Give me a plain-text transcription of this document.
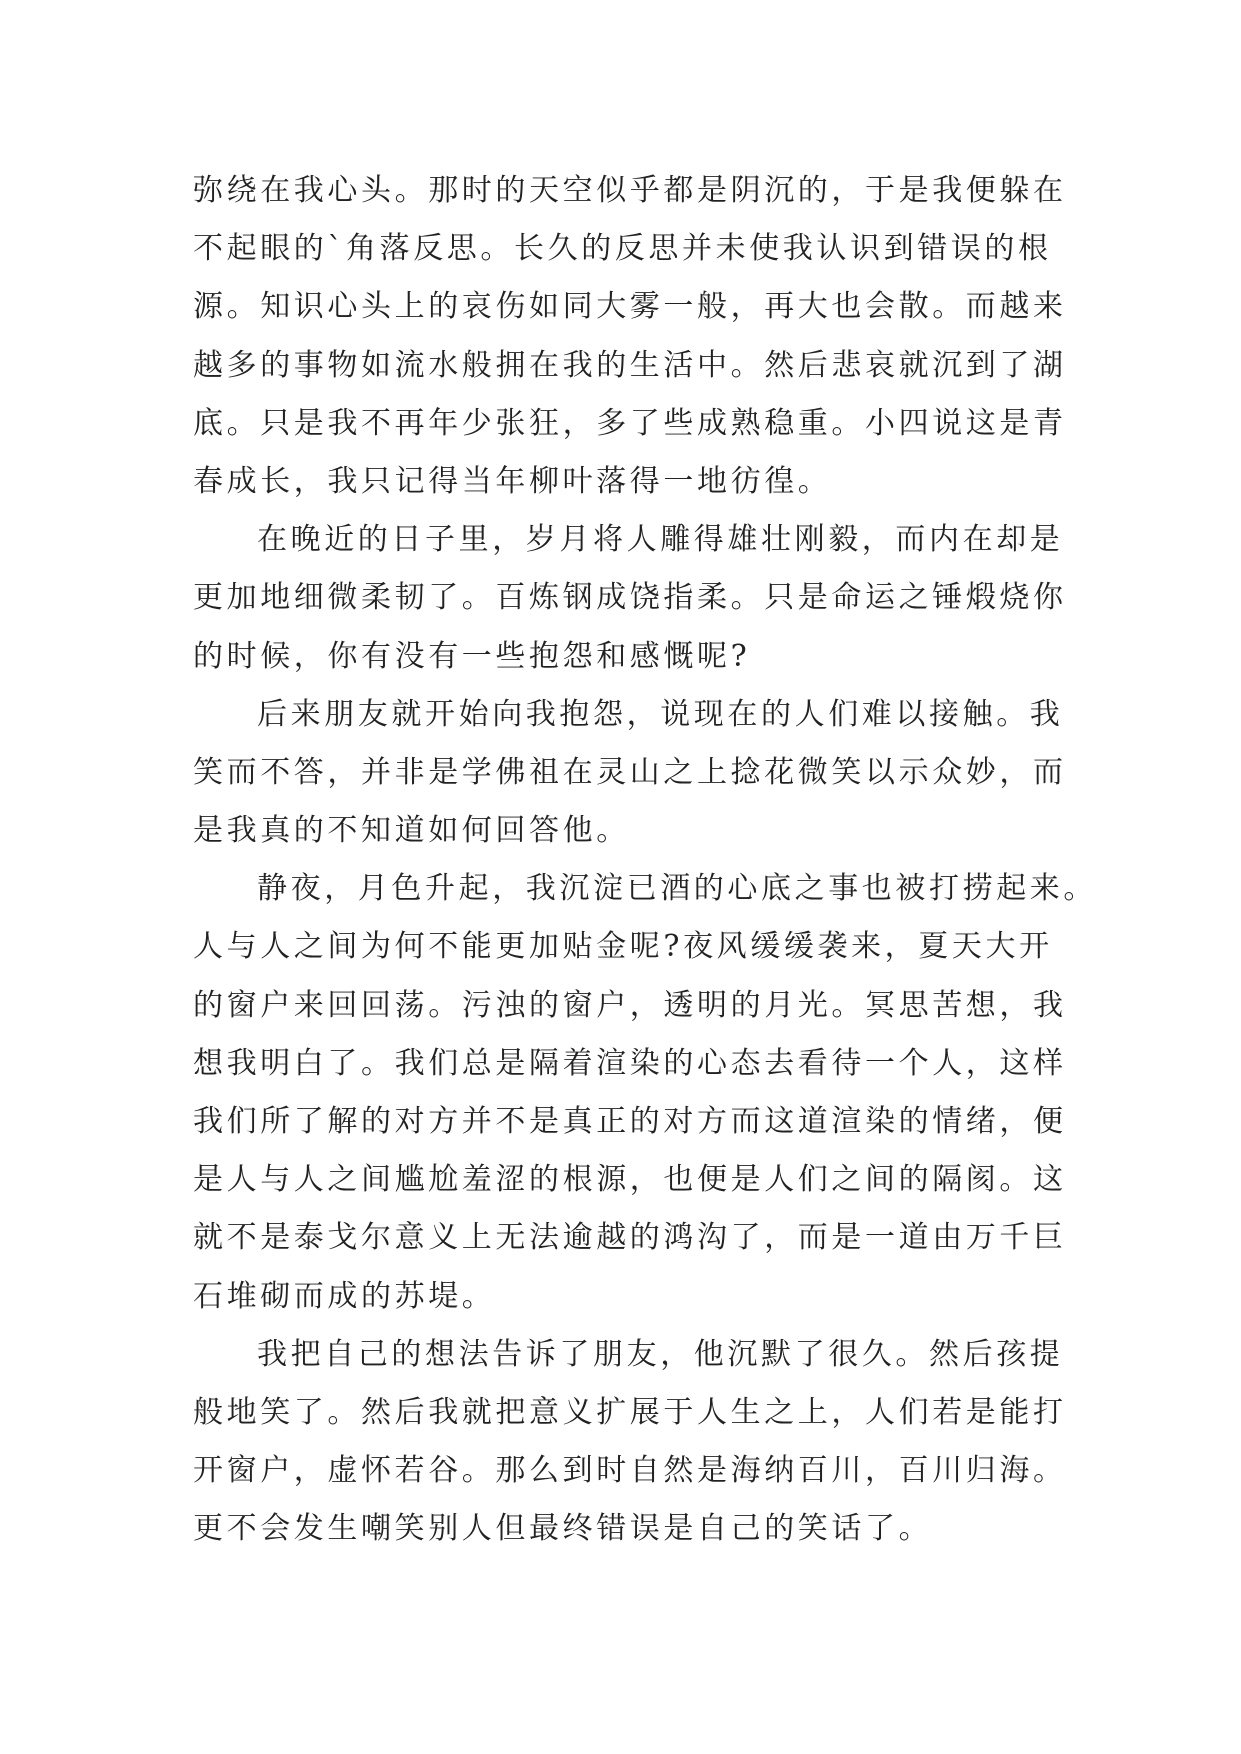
弥绕在我心头。那时的天空似乎都是阴沉的，于是我便躲在
不起眼的`角落反思。长久的反思并未使我认识到错误的根
源。知识心头上的哀伤如同大雾一般，再大也会散。而越来
越多的事物如流水般拥在我的生活中。然后悲哀就沉到了湖
底。只是我不再年少张狂，多了些成熟稳重。小四说这是青
春成长，我只记得当年柳叶落得一地彷徨。
在晚近的日子里，岁月将人雕得雄壮刚毅，而内在却是
更加地细微柔韧了。百炼钢成饶指柔。只是命运之锤煅烧你
的时候，你有没有一些抱怨和感慨呢?
后来朋友就开始向我抱怨，说现在的人们难以接触。我
笑而不答，并非是学佛祖在灵山之上捻花微笑以示众妙，而
是我真的不知道如何回答他。
静夜，月色升起，我沉淀已酒的心底之事也被打捞起来。
人与人之间为何不能更加贴金呢?夜风缓缓袭来，夏天大开
的窗户来回回荡。污浊的窗户，透明的月光。冥思苦想，我
想我明白了。我们总是隔着渲染的心态去看待一个人，这样
我们所了解的对方并不是真正的对方而这道渲染的情绪，便
是人与人之间尴尬羞涩的根源，也便是人们之间的隔阂。这
就不是泰戈尔意义上无法逾越的鸿沟了，而是一道由万千巨
石堆砌而成的苏堤。
我把自己的想法告诉了朋友，他沉默了很久。然后孩提
般地笑了。然后我就把意义扩展于人生之上，人们若是能打
开窗户，虚怀若谷。那么到时自然是海纳百川，百川归海。
更不会发生嘲笑别人但最终错误是自己的笑话了。
